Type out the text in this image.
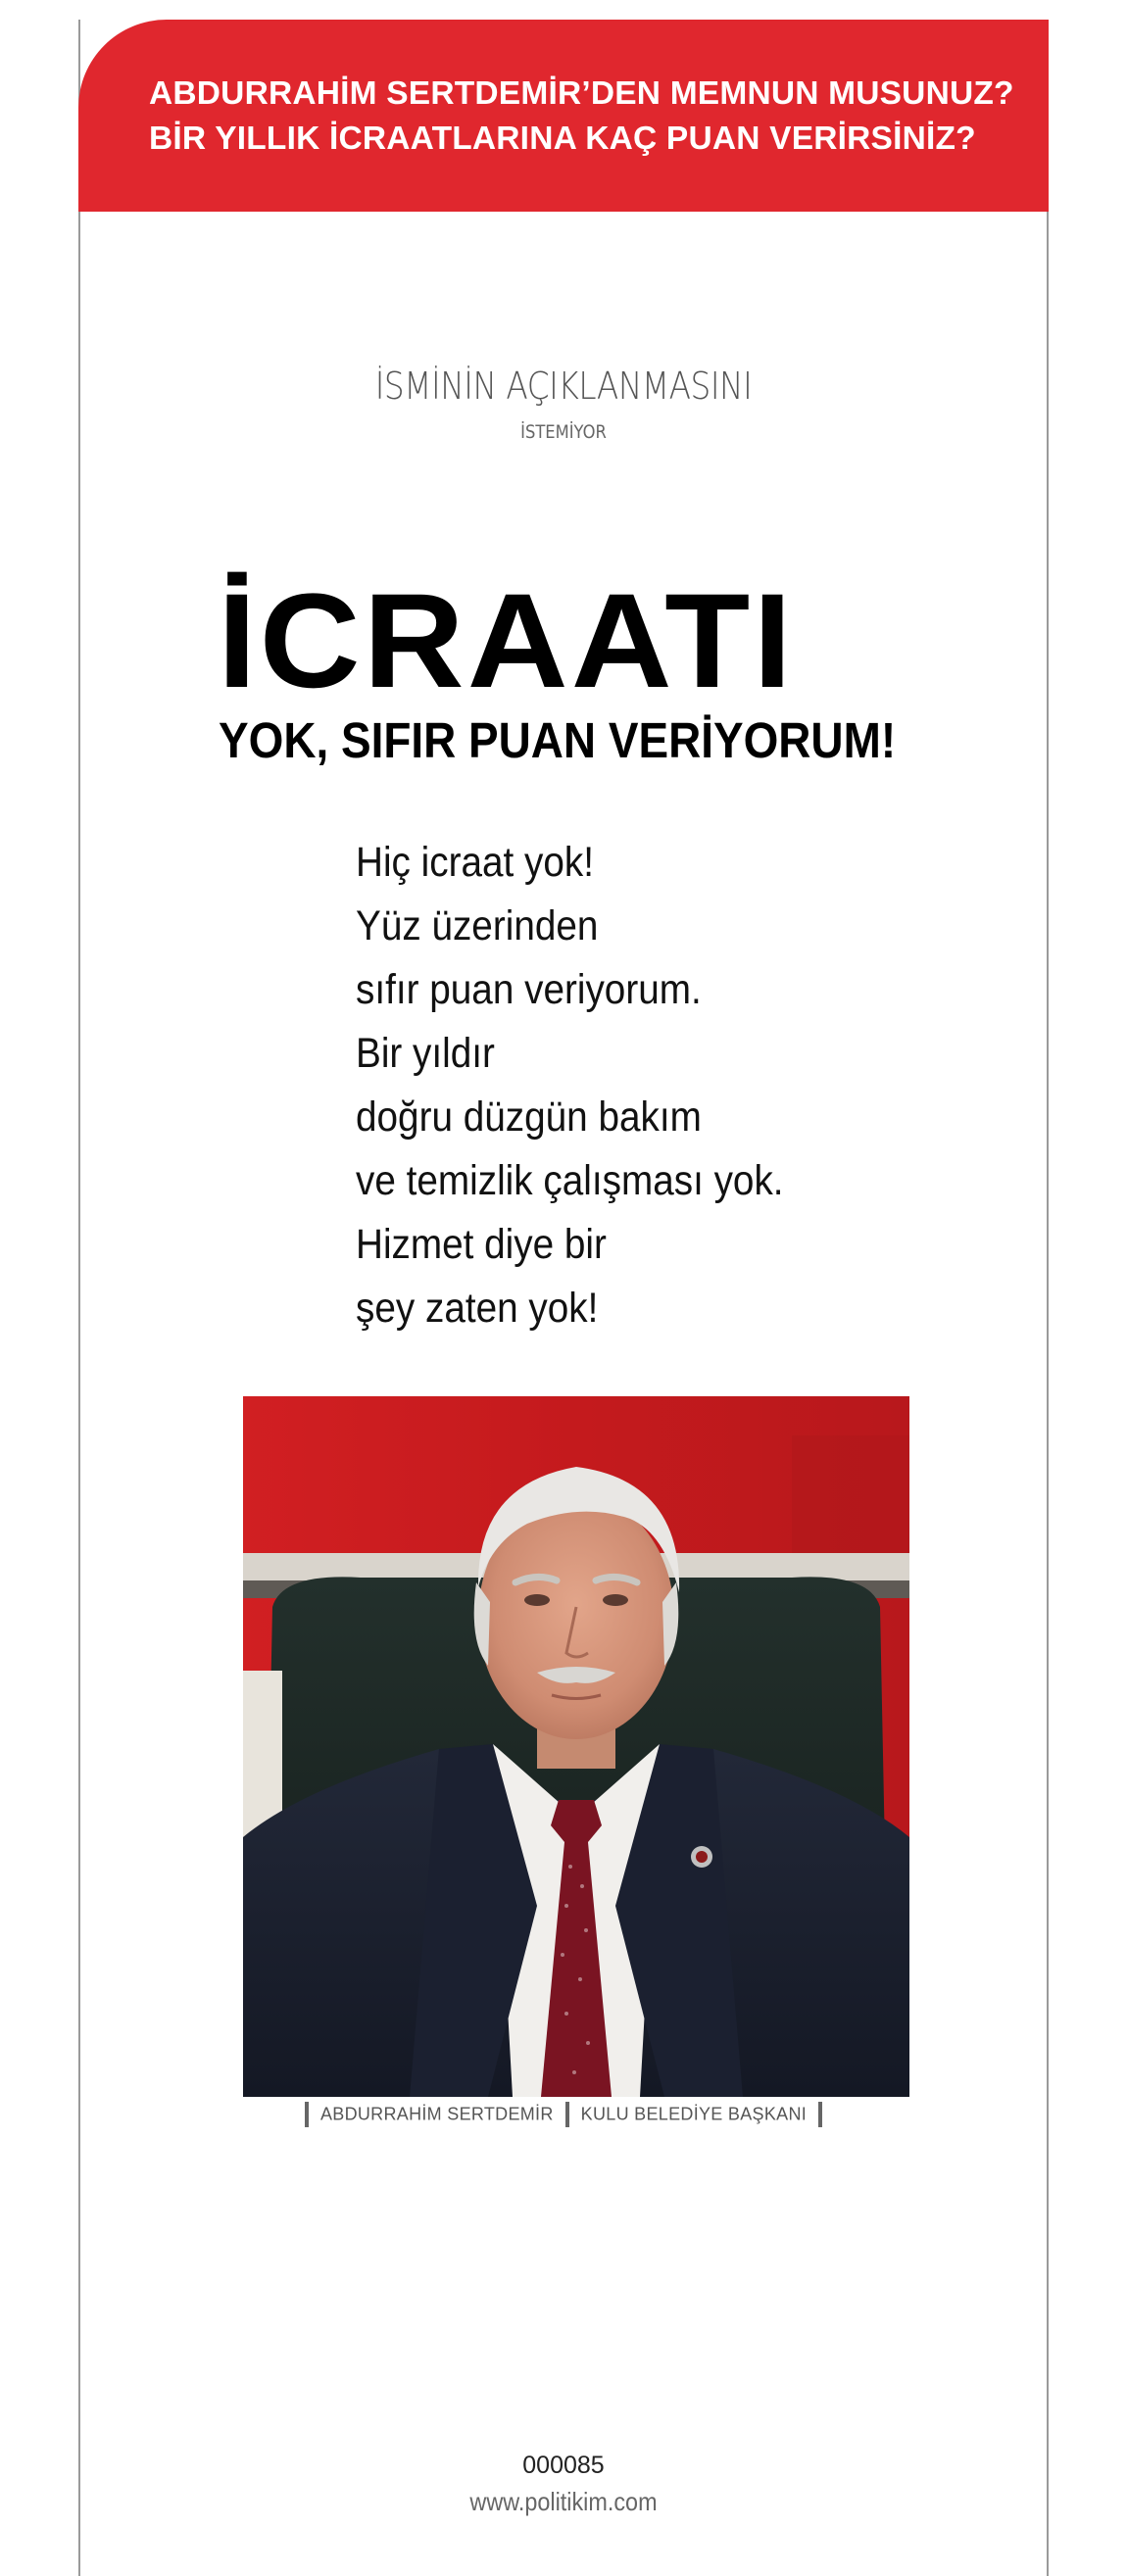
ABDURRAHİM SERTDEMİR’DEN MEMNUN MUSUNUZ?
BİR YILLIK İCRAATLARINA KAÇ PUAN VERİRSİNİZ?
İSMİNİN AÇIKLANMASINI
İSTEMİYOR
İCRAATI
YOK, SIFIR PUAN VERİYORUM!
Hiç icraat yok!
Yüz üzerinden
sıfır puan veriyorum.
Bir yıldır
doğru düzgün bakım
ve temizlik çalışması yok.
Hizmet diye bir
şey zaten yok!
ABDURRAHİM SERTDEMİR KULU BELEDİYE BAŞKANI
000085
www.politikim.com
